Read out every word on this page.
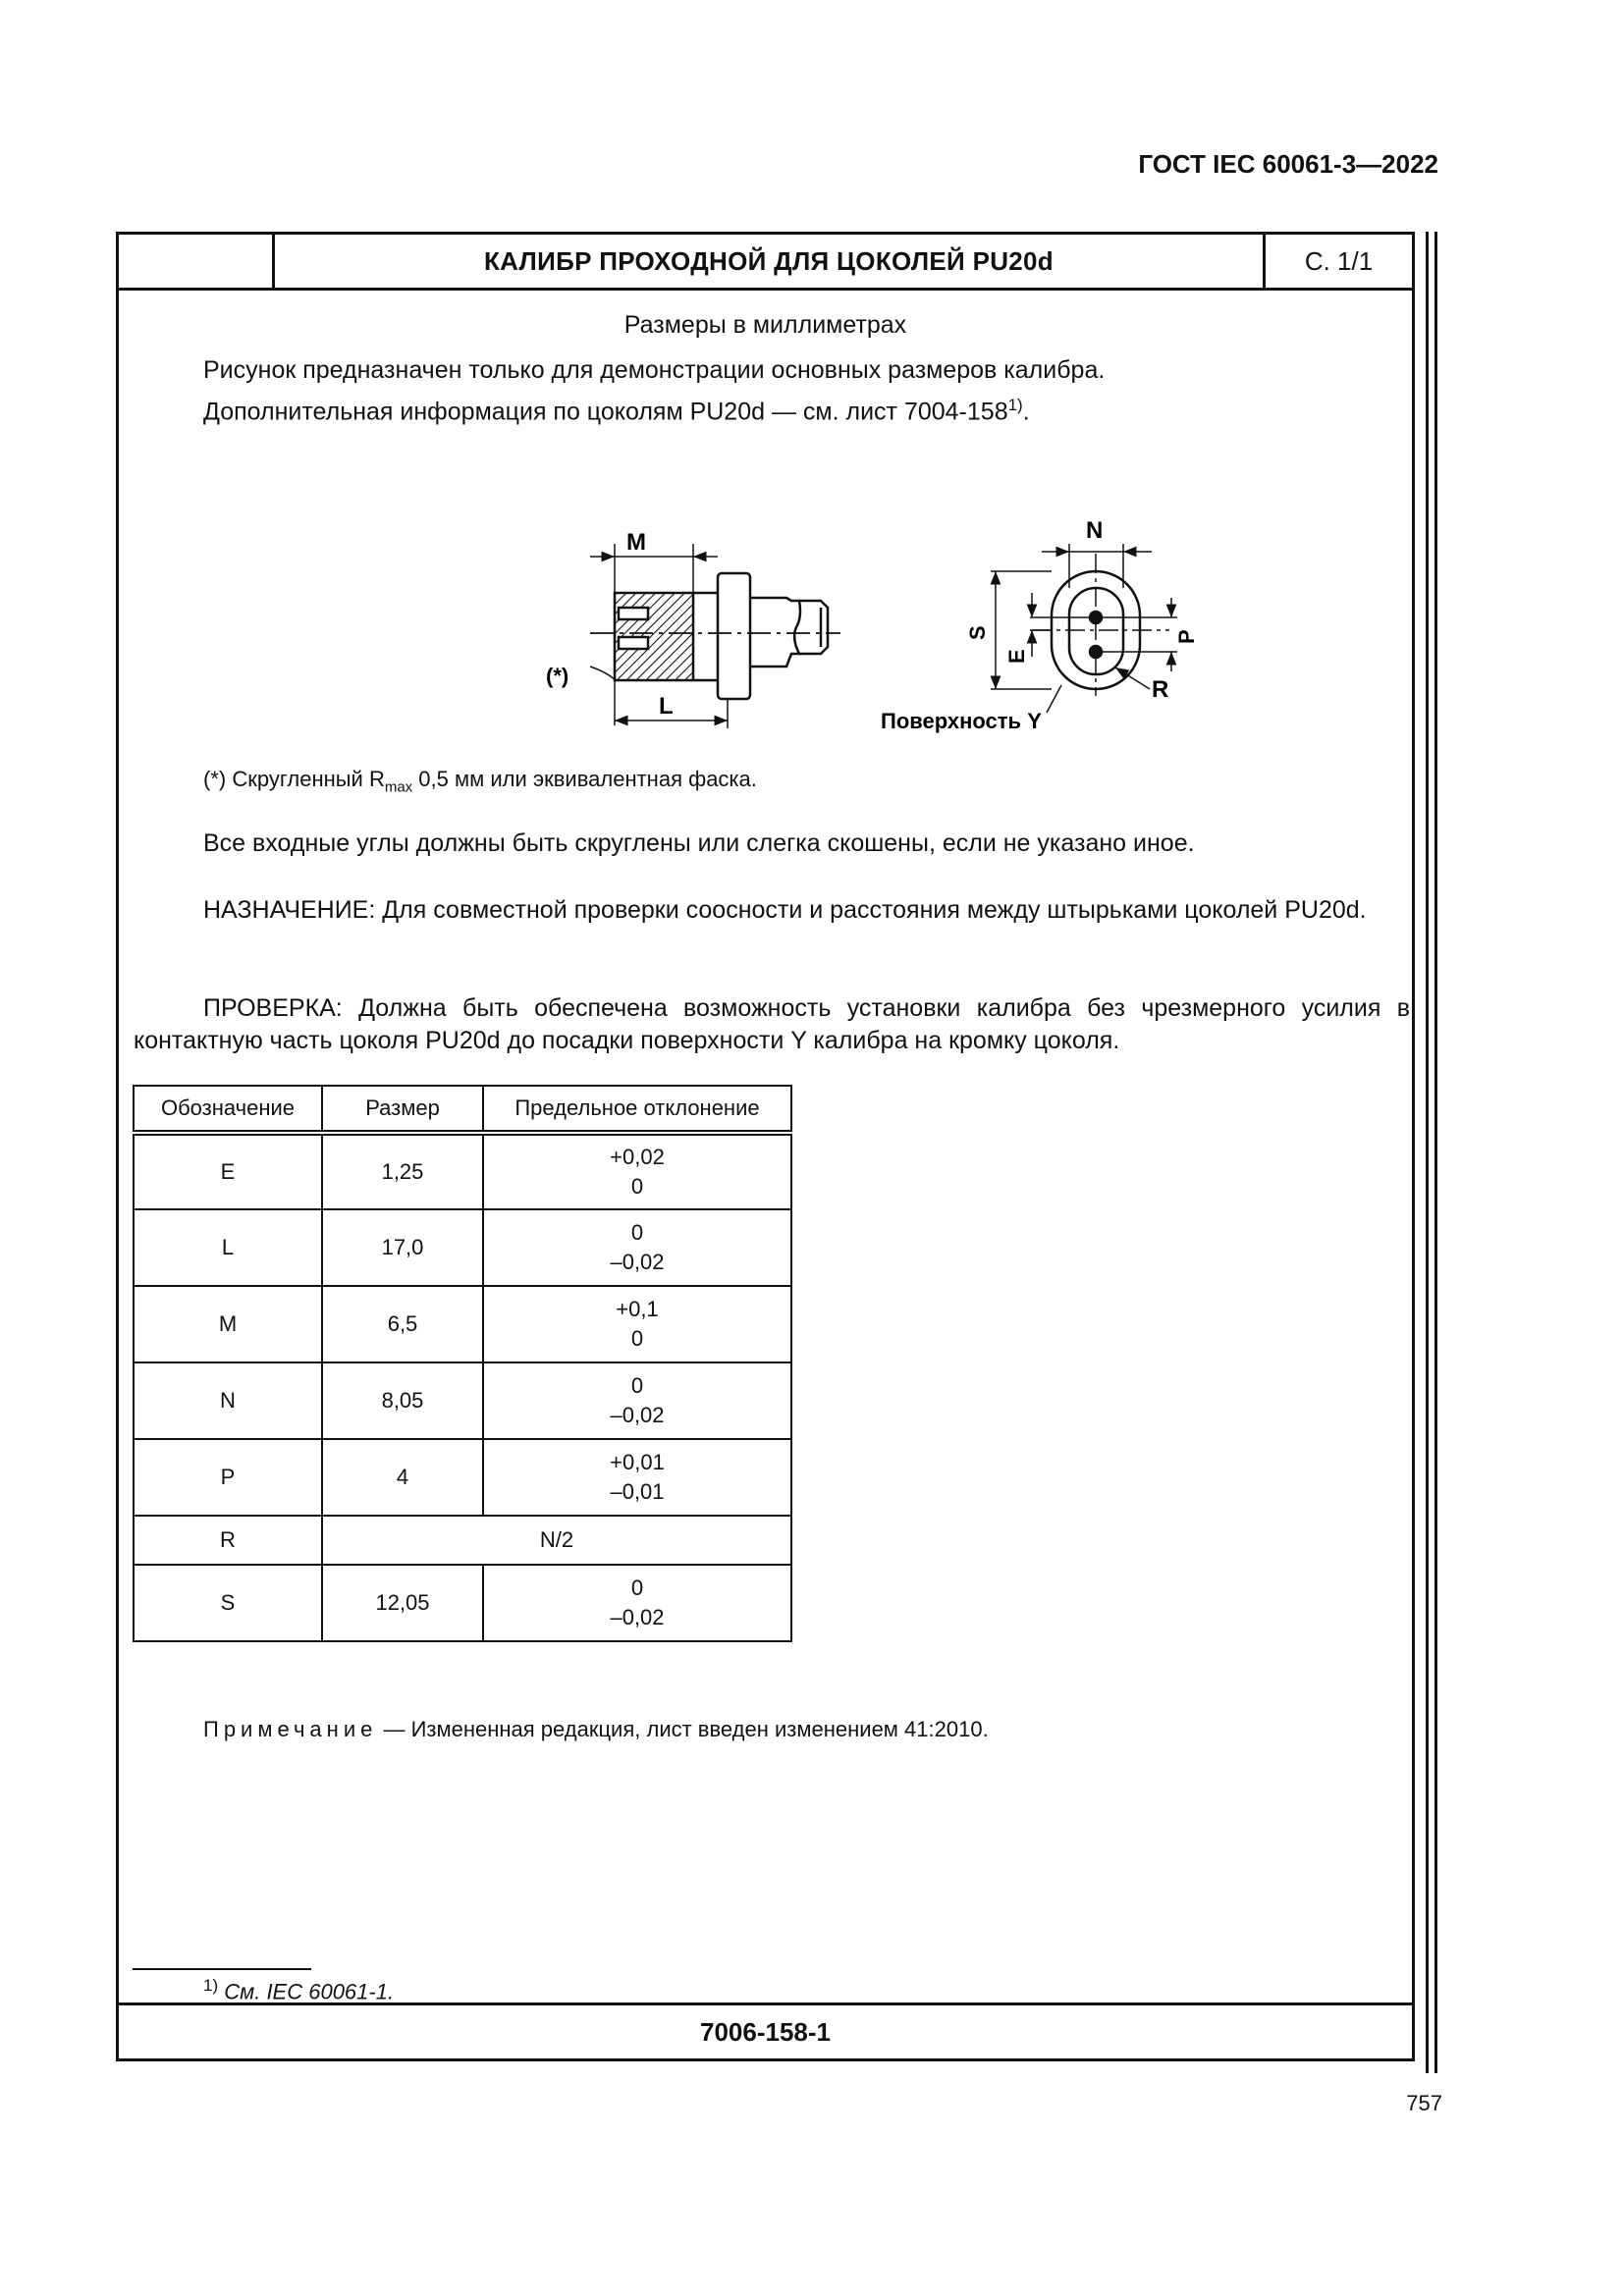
ГОСТ IEC 60061-3—2022
КАЛИБР ПРОХОДНОЙ ДЛЯ ЦОКОЛЕЙ PU20d	С. 1/1
Размеры в миллиметрах
Рисунок предназначен только для демонстрации основных размеров калибра.
Дополнительная информация по цоколям PU20d — см. лист 7004-158$^{1)}$.
M
L
(*)
N
S
E
P
R
Поверхность Y
(*) Скругленный $R_{max}$ 0,5 мм или эквивалентная фаска.
Все входные углы должны быть скруглены или слегка скошены, если не указано иное.
НАЗНАЧЕНИЕ: Для совместной проверки соосности и расстояния между штырьками цоколей PU20d.
ПРОВЕРКА: Должна быть обеспечена возможность установки калибра без чрезмерного усилия в контактную часть цоколя PU20d до посадки поверхности Y калибра на кромку цоколя.
Обозначение	Размер	Предельное отклонение
E	1,25	+0,02
0

L	17,0	0
–0,02

M	6,5	+0,1
0

N	8,05	0
–0,02

P	4	+0,01
–0,01

R	N/2	
S	12,05	0
–0,02
Примечание — Измененная редакция, лист введен изменением 41:2010.
$^{1)}$ См. IEC 60061-1.
7006-158-1
757
